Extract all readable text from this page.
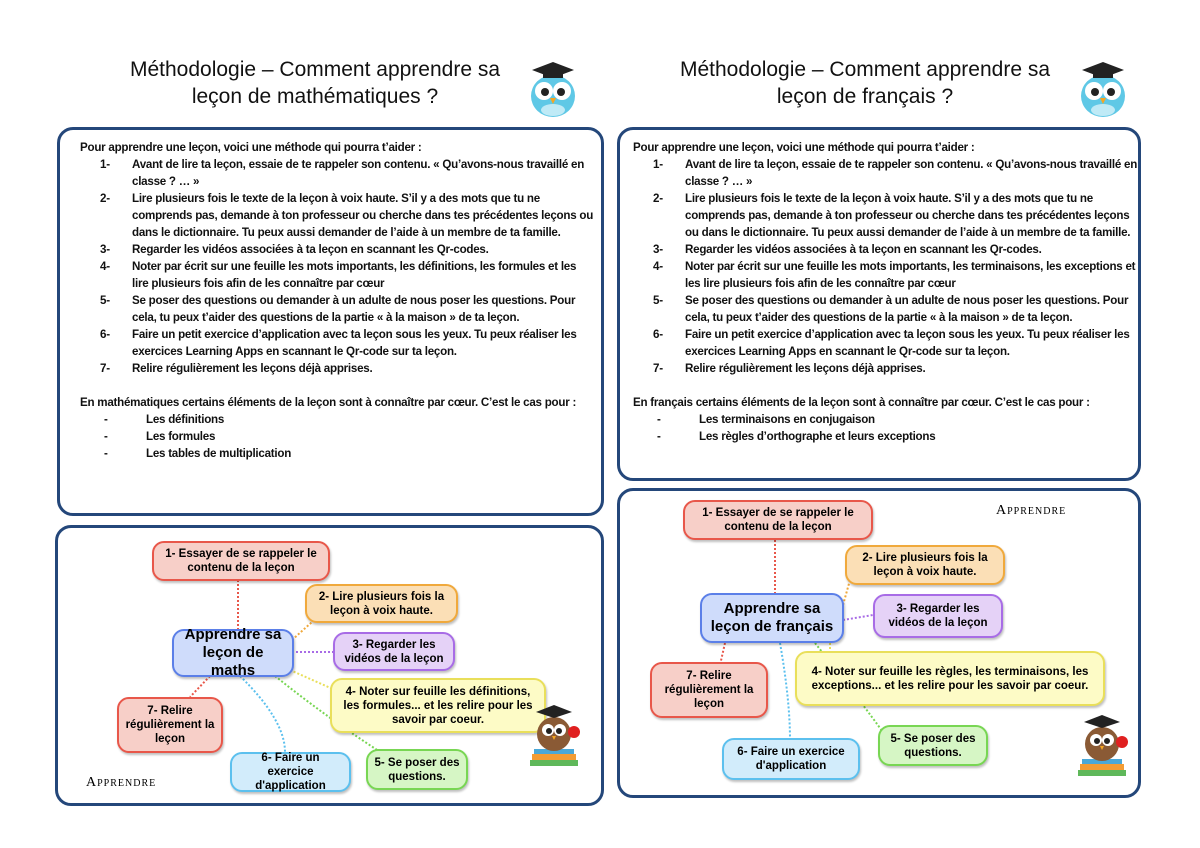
Méthodologie – Comment apprendre sa
leçon de mathématiques ?
Méthodologie – Comment apprendre sa
leçon de français ?
Pour apprendre une leçon, voici une méthode qui pourra t’aider :
1-	Avant de lire ta leçon, essaie de te rappeler son contenu. « Qu’avons-nous travaillé en classe ? … »
2-	Lire plusieurs fois le texte de la leçon à voix haute. S’il y a des mots que tu ne comprends pas, demande à ton professeur ou cherche dans tes précédentes leçons ou dans le dictionnaire. Tu peux aussi demander de l’aide à un membre de ta famille.
3-	Regarder les vidéos associées à ta leçon en scannant les Qr-codes.
4-	Noter par écrit sur une feuille les mots importants, les définitions, les formules et les lire plusieurs fois afin de les connaître par cœur
5-	Se poser des questions ou demander à un adulte de nous poser les questions. Pour cela, tu peux t’aider des questions de la partie « à la maison » de ta leçon.
6-	Faire un petit exercice d’application avec ta leçon sous les yeux. Tu peux réaliser les exercices Learning Apps en scannant le Qr-code sur ta leçon.
7-	Relire régulièrement les leçons déjà apprises.
En mathématiques certains éléments de la leçon sont à connaître par cœur. C’est le cas pour :
-	Les définitions
-	Les formules
-	Les tables de multiplication
Pour apprendre une leçon, voici une méthode qui pourra t’aider :
1-	Avant de lire ta leçon, essaie de te rappeler son contenu. « Qu’avons-nous travaillé en classe ? … »
2-	Lire plusieurs fois le texte de la leçon à voix haute. S’il y a des mots que tu ne comprends pas, demande à ton professeur ou cherche dans tes précédentes leçons ou dans le dictionnaire. Tu peux aussi demander de l’aide à un membre de ta famille.
3-	Regarder les vidéos associées à ta leçon en scannant les Qr-codes.
4-	Noter par écrit sur une feuille les mots importants, les terminaisons, les exceptions et les lire plusieurs fois afin de les connaître par cœur
5-	Se poser des questions ou demander à un adulte de nous poser les questions. Pour cela, tu peux t’aider des questions de la partie « à la maison » de ta leçon.
6-	Faire un petit exercice d’application avec ta leçon sous les yeux. Tu peux réaliser les exercices Learning Apps en scannant le Qr-code sur ta leçon.
7-	Relire régulièrement les leçons déjà apprises.
En français certains éléments de la leçon sont à connaître par cœur. C’est le cas pour :
-	Les terminaisons en conjugaison
-	Les règles d’orthographe et leurs exceptions
Apprendre sa leçon de maths
1- Essayer de se rappeler le contenu de la leçon
2- Lire plusieurs fois la leçon à voix haute.
3- Regarder les vidéos de la leçon
4- Noter sur feuille les définitions, les formules... et les relire pour les savoir par coeur.
5- Se poser des questions.
6- Faire un exercice d'application
7- Relire régulièrement la leçon
Apprendre
Apprendre sa leçon de français
1- Essayer de se rappeler le contenu de la leçon
2- Lire plusieurs fois la leçon à voix haute.
3- Regarder les vidéos de la leçon
4- Noter sur feuille les règles, les terminaisons, les exceptions... et les relire pour les savoir par coeur.
5- Se poser des questions.
6- Faire un exercice d'application
7- Relire régulièrement la leçon
Apprendre
